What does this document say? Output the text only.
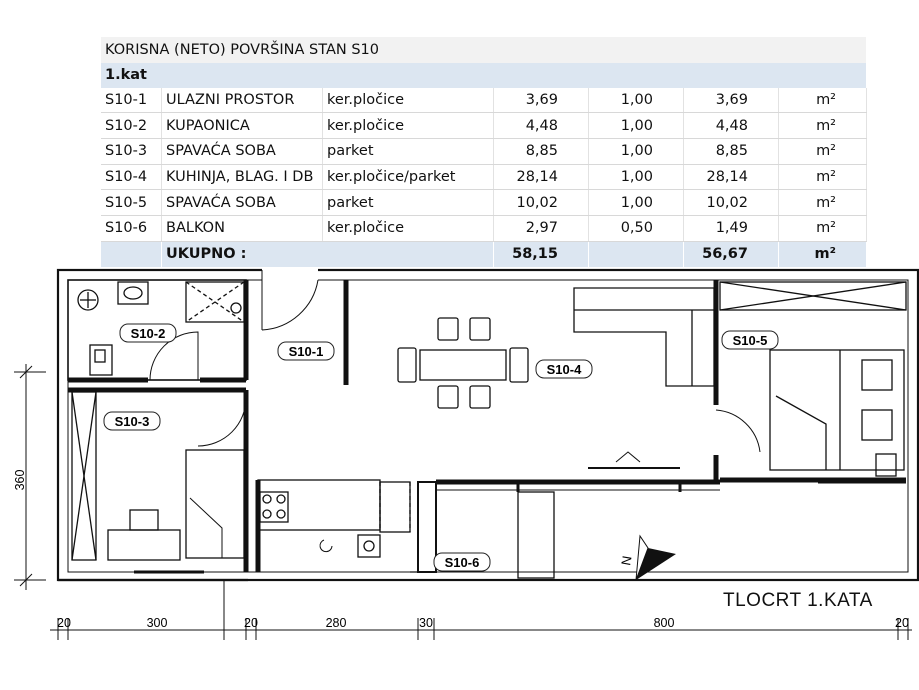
KORISNA (NETO) POVRŠINA STAN S10						
1.kat						
S10-1	ULAZNI PROSTOR	ker.pločice	3,69	1,00	3,69	m²
S10-2	KUPAONICA	ker.pločice	4,48	1,00	4,48	m²
S10-3	SPAVAĆA SOBA	parket	8,85	1,00	8,85	m²
S10-4	KUHINJA, BLAG. I DB	ker.pločice/parket	28,14	1,00	28,14	m²
S10-5	SPAVAĆA SOBA	parket	10,02	1,00	10,02	m²
S10-6	BALKON	ker.pločice	2,97	0,50	1,49	m²
	UKUPNO :		58,15		56,67	m²
S10-2
S10-1
S10-3
S10-4
S10-5
S10-6	N
360
20	300	20	280	30	800	20
TLOCRT 1.KATA
